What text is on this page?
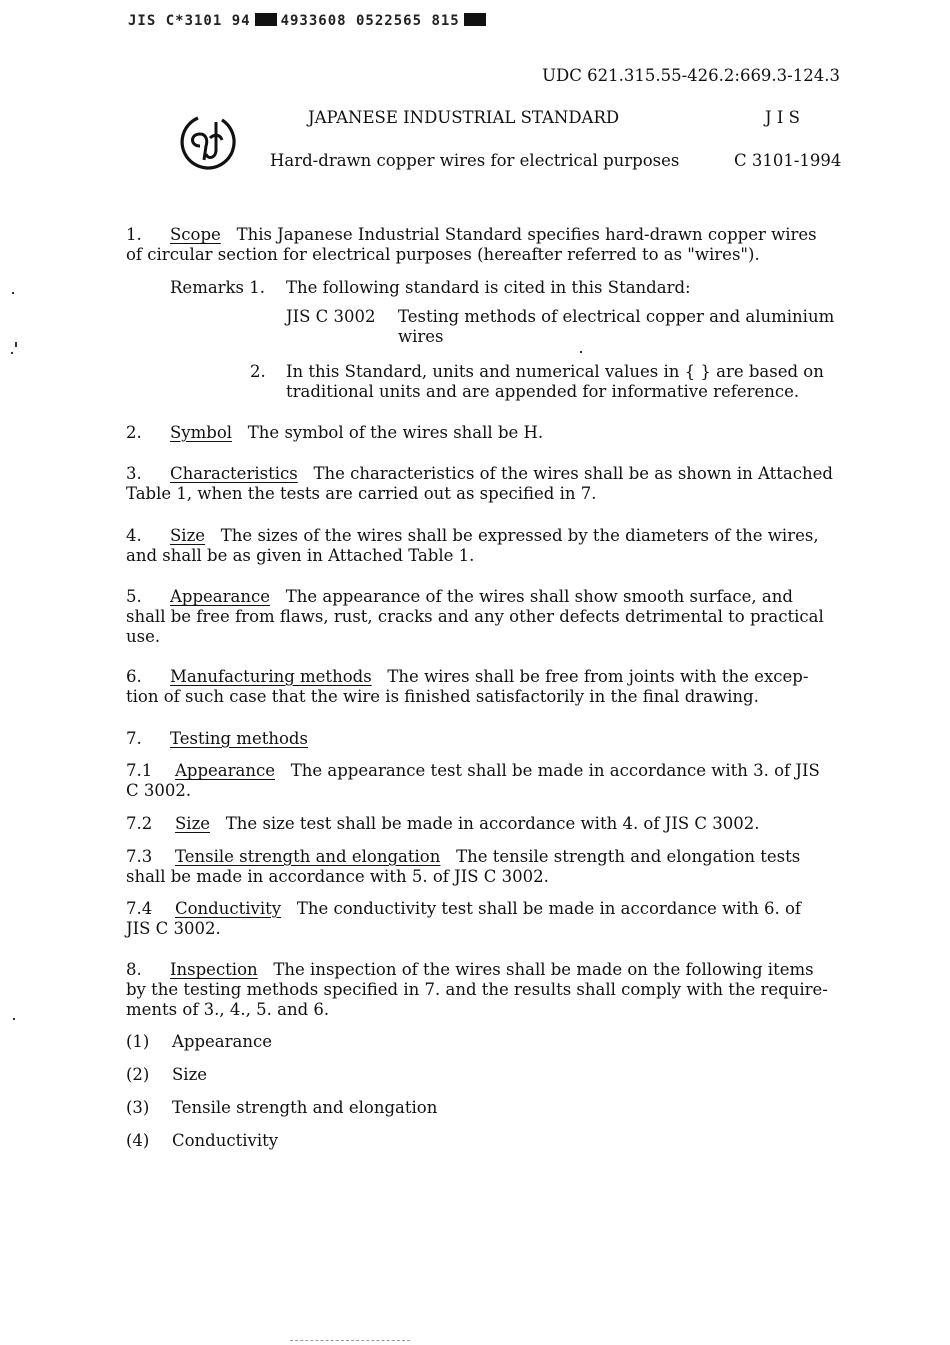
JIS C*3101 94 4933608 0522565 815
UDC 621.315.55-426.2:669.3-124.3
JAPANESE INDUSTRIAL STANDARD	J I S
Hard-drawn copper wires for electrical purposes	C 3101-1994
1. Scope This Japanese Industrial Standard specifies hard-drawn copper wires
of circular section for electrical purposes (hereafter referred to as "wires").
Remarks 1. The following standard is cited in this Standard:
JIS C 3002 Testing methods of electrical copper and aluminium
wires
2. In this Standard, units and numerical values in { } are based on
traditional units and are appended for informative reference.
2. Symbol The symbol of the wires shall be H.
3. Characteristics The characteristics of the wires shall be as shown in Attached
Table 1, when the tests are carried out as specified in 7.
4. Size The sizes of the wires shall be expressed by the diameters of the wires,
and shall be as given in Attached Table 1.
5. Appearance The appearance of the wires shall show smooth surface, and
shall be free from flaws, rust, cracks and any other defects detrimental to practical
use.
6. Manufacturing methods The wires shall be free from joints with the excep-
tion of such case that the wire is finished satisfactorily in the final drawing.
7. Testing methods
7.1 Appearance The appearance test shall be made in accordance with 3. of JIS
C 3002.
7.2 Size The size test shall be made in accordance with 4. of JIS C 3002.
7.3 Tensile strength and elongation The tensile strength and elongation tests
shall be made in accordance with 5. of JIS C 3002.
7.4 Conductivity The conductivity test shall be made in accordance with 6. of
JIS C 3002.
8. Inspection The inspection of the wires shall be made on the following items
by the testing methods specified in 7. and the results shall comply with the require-
ments of 3., 4., 5. and 6.
(1) Appearance
(2) Size
(3) Tensile strength and elongation
(4) Conductivity
